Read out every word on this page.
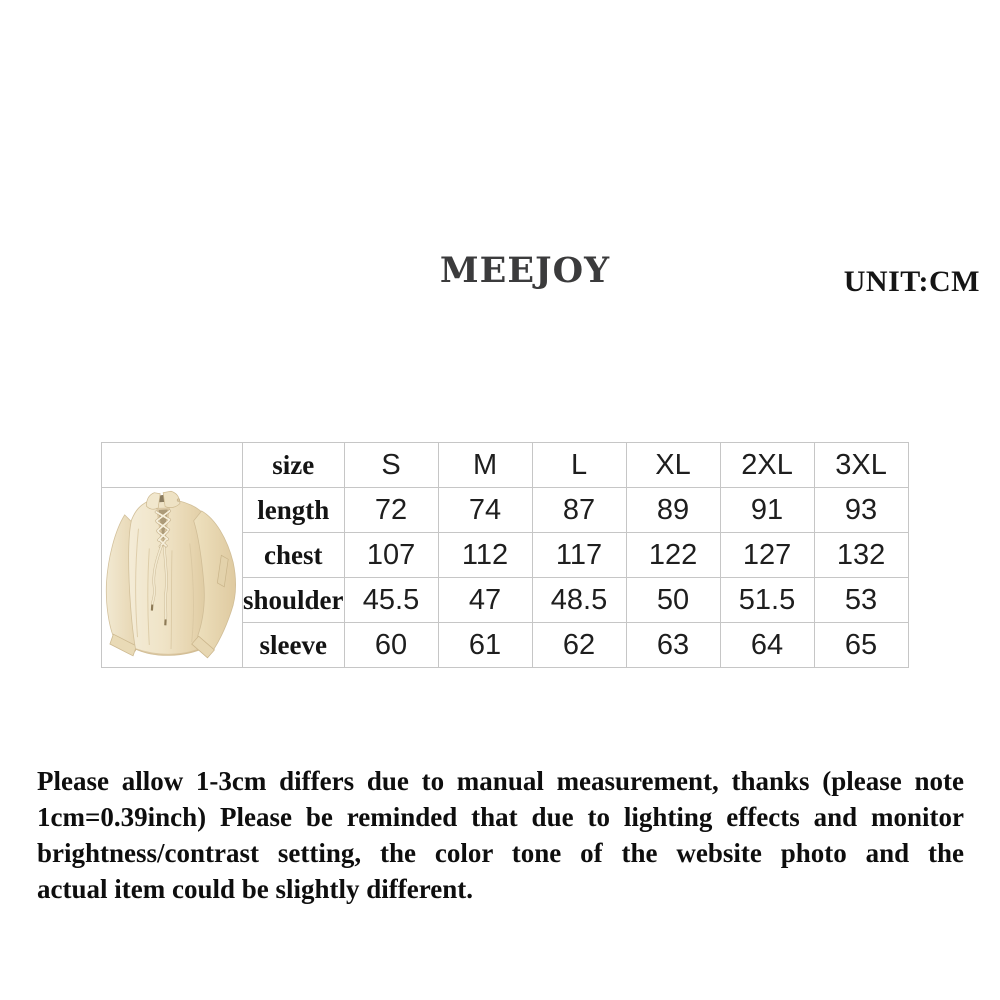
MEEJOY	UNIT:CM
	size	S	M	L	XL	2XL	3XL

	length	72	74	87	89	91	93
	chest	107	112	117	122	127	132
	shoulder	45.5	47	48.5	50	51.5	53
	sleeve	60	61	62	63	64	65
Please allow 1-3cm differs due to manual measurement, thanks (please note
1cm=0.39inch) Please be reminded that due to lighting effects and monitor
brightness/contrast setting, the color tone of the website photo and the
actual item could be slightly different.
